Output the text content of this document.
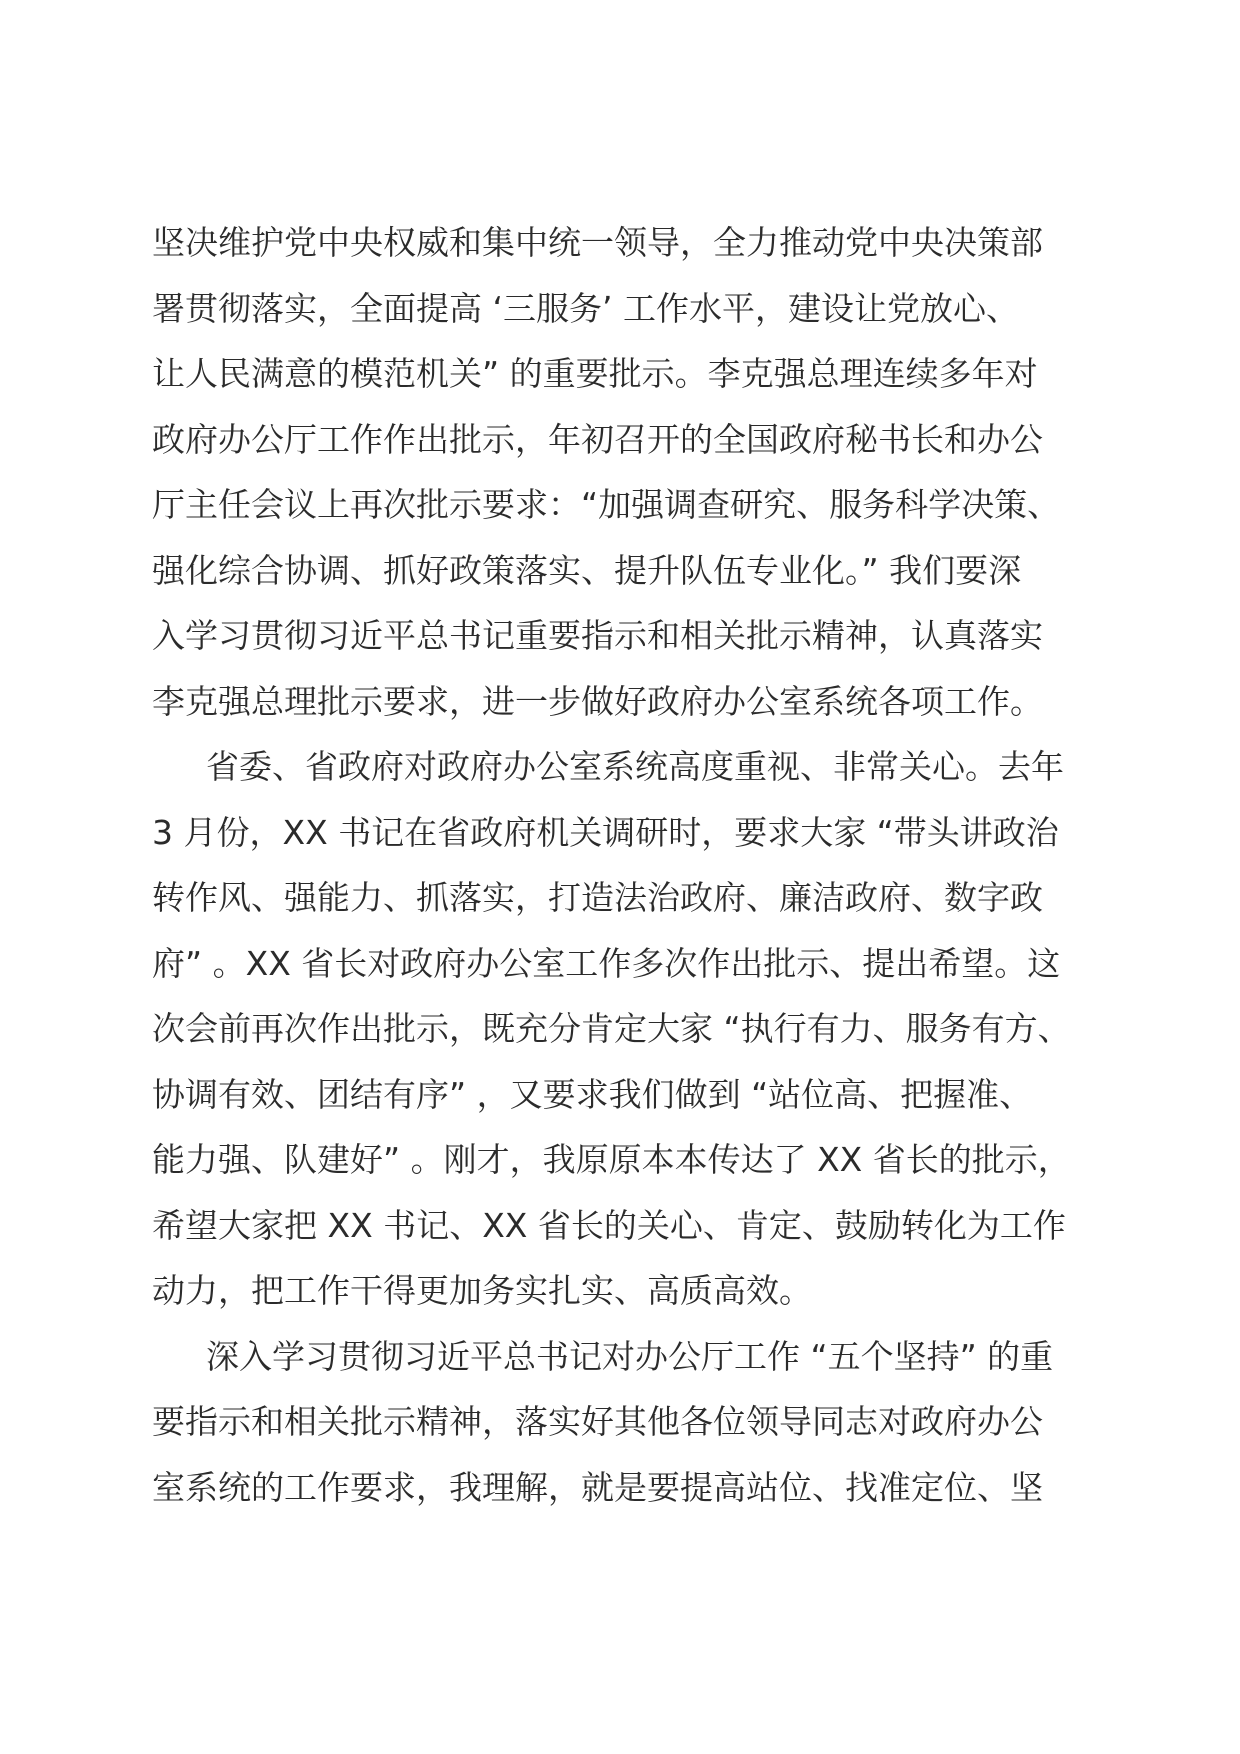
坚决维护党中央权威和集中统一领导，全力推动党中央决策部
署贯彻落实，全面提高 ‘三服务’ 工作水平，建设让党放心、
让人民满意的模范机关” 的重要批示。李克强总理连续多年对
政府办公厅工作作出批示，年初召开的全国政府秘书长和办公
厅主任会议上再次批示要求：“加强调查研究、服务科学决策、
强化综合协调、抓好政策落实、提升队伍专业化。” 我们要深
入学习贯彻习近平总书记重要指示和相关批示精神，认真落实
李克强总理批示要求，进一步做好政府办公室系统各项工作。
省委、省政府对政府办公室系统高度重视、非常关心。去年
3 月份，XX 书记在省政府机关调研时，要求大家 “带头讲政治
转作风、强能力、抓落实，打造法治政府、廉洁政府、数字政
府” 。XX 省长对政府办公室工作多次作出批示、提出希望。这
次会前再次作出批示，既充分肯定大家 “执行有力、服务有方、
协调有效、团结有序” ，又要求我们做到 “站位高、把握准、
能力强、队建好” 。刚才，我原原本本传达了 XX 省长的批示，
希望大家把 XX 书记、XX 省长的关心、肯定、鼓励转化为工作
动力，把工作干得更加务实扎实、高质高效。
深入学习贯彻习近平总书记对办公厅工作 “五个坚持” 的重
要指示和相关批示精神，落实好其他各位领导同志对政府办公
室系统的工作要求，我理解，就是要提高站位、找准定位、坚
